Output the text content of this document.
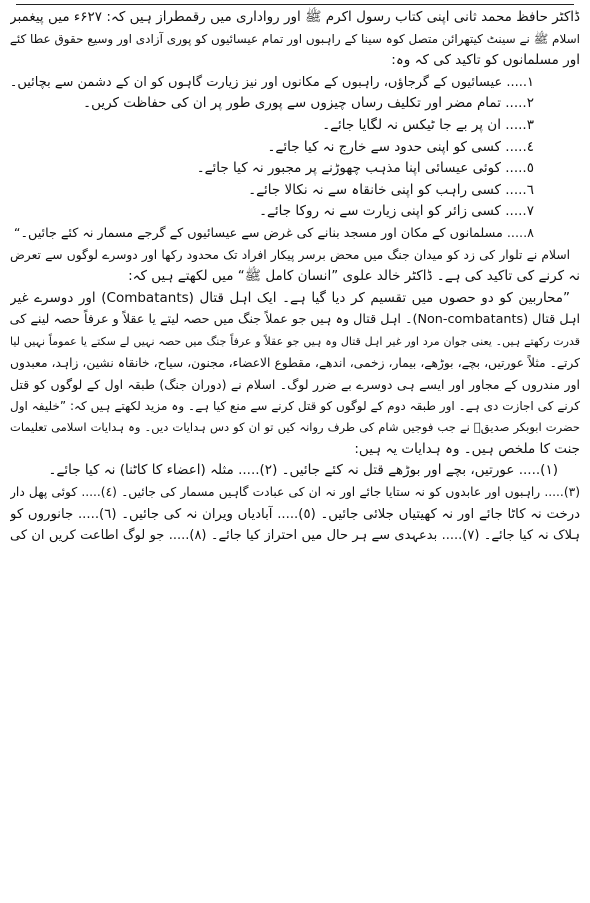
ڈاکٹر حافظ محمد ثانی اپنی کتاب رسول اکرم ﷺ اور رواداری میں رقمطراز ہیں کہ: ۶۲۷ء میں پیغمبر
اسلام ﷺ نے سینٹ کیتھرائن متصل کوہ سینا کے راہبوں اور تمام عیسائیوں کو پوری آزادی اور وسیع حقوق عطا کئے
اور مسلمانوں کو تاکید کی کہ وہ:
١..... عیسائیوں کے گرجاؤں، راہبوں کے مکانوں اور نیز زیارت گاہوں کو ان کے دشمن سے بچائیں۔
٢..... تمام مضر اور تکلیف رساں چیزوں سے پوری طور پر ان کی حفاظت کریں۔
٣..... ان پر بے جا ٹیکس نہ لگایا جائے۔
٤..... کسی کو اپنی حدود سے خارج نہ کیا جائے۔
٥..... کوئی عیسائی اپنا مذہب چھوڑنے پر مجبور نہ کیا جائے۔
٦..... کسی راہب کو اپنی خانقاہ سے نہ نکالا جائے۔
٧..... کسی زائر کو اپنی زیارت سے نہ روکا جائے۔
٨..... مسلمانوں کے مکان اور مسجد بنانے کی غرض سے عیسائیوں کے گرجے مسمار نہ کئے جائیں۔“
اسلام نے تلوار کی زد کو میدان جنگ میں محض برسر پیکار افراد تک محدود رکھا اور دوسرے لوگوں سے تعرض
نہ کرنے کی تاکید کی ہے۔ ڈاکٹر خالد علوی ”انسان کامل ﷺ“ میں لکھتے ہیں کہ:
”محاربین کو دو حصوں میں تقسیم کر دیا گیا ہے۔ ایک اہل قتال (Combatants) اور دوسرے غیر
اہل قتال (Non-combatants)۔ اہل قتال وہ ہیں جو عملاً جنگ میں حصہ لیتے یا عقلاً و عرفاً حصہ لینے کی
قدرت رکھتے ہیں۔ یعنی جوان مرد اور غیر اہل قتال وہ ہیں جو عقلاً و عرفاً جنگ میں حصہ نہیں لے سکتے یا عموماً نہیں لیا
کرتے۔ مثلاً عورتیں، بچے، بوڑھے، بیمار، زخمی، اندھے، مقطوع الاعضاء، مجنون، سیاح، خانقاہ نشین، زاہد، معبدوں
اور مندروں کے مجاور اور ایسے ہی دوسرے بے ضرر لوگ۔ اسلام نے (دوران جنگ) طبقہ اول کے لوگوں کو قتل
کرنے کی اجازت دی ہے۔ اور طبقہ دوم کے لوگوں کو قتل کرنے سے منع کیا ہے۔ وہ مزید لکھتے ہیں کہ: ”خلیفہ اول
حضرت ابوبکر صدیقؓ نے جب فوجیں شام کی طرف روانہ کیں تو ان کو دس ہدایات دیں۔ وہ ہدایات اسلامی تعلیمات
جنت کا ملخص ہیں۔ وہ ہدایات یہ ہیں:
(١)..... عورتیں، بچے اور بوڑھے قتل نہ کئے جائیں۔ (٢)..... مثلہ (اعضاء کا کاٹنا) نہ کیا جائے۔
(٣)..... راہبوں اور عابدوں کو نہ ستایا جائے اور نہ ان کی عبادت گاہیں مسمار کی جائیں۔ (٤)..... کوئی پھل دار
درخت نہ کاٹا جائے اور نہ کھیتیاں جلائی جائیں۔ (٥)..... آبادیاں ویران نہ کی جائیں۔ (٦)..... جانوروں کو
ہلاک نہ کیا جائے۔ (٧)..... بدعہدی سے ہر حال میں احتراز کیا جائے۔ (٨)..... جو لوگ اطاعت کریں ان کی
